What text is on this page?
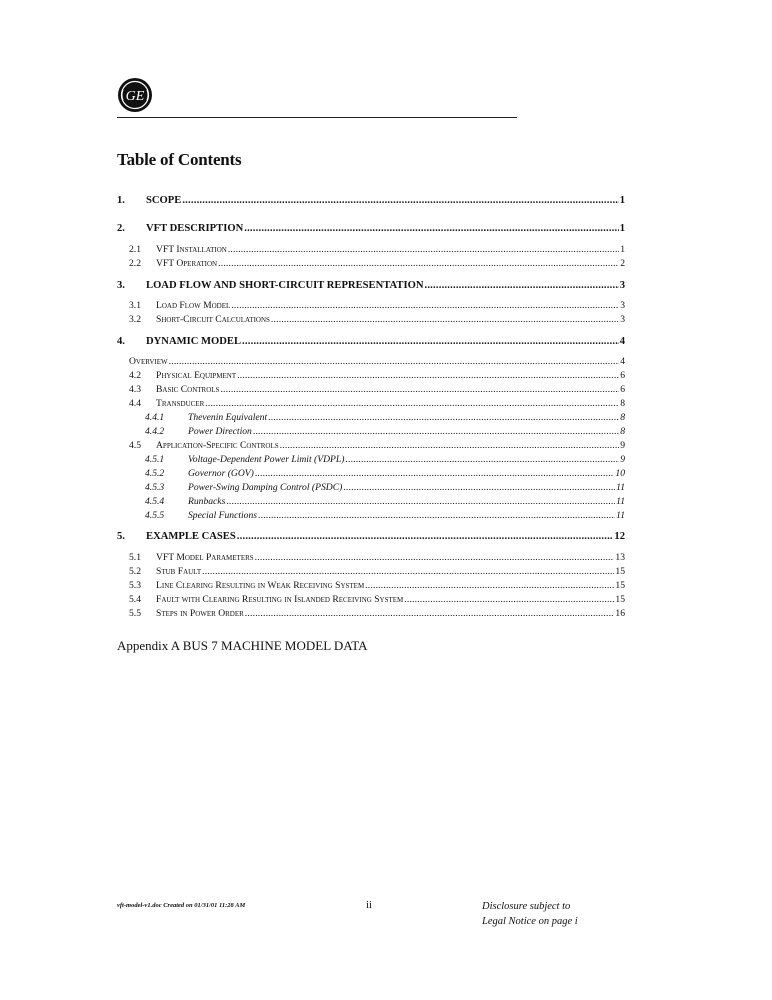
GE
Table of Contents
1.	SCOPE .....	1
2.	VFT DESCRIPTION .....	1
2.1	VFT Installation .....	1
2.2	VFT Operation .....	2
3.	LOAD FLOW AND SHORT-CIRCUIT REPRESENTATION .....	3
3.1	Load Flow Model .....	3
3.2	Short-Circuit Calculations .....	3
4.	DYNAMIC MODEL .....	4
Overview .....	4
4.2	Physical Equipment .....	6
4.3	Basic Controls .....	6
4.4	Transducer .....	8
4.4.1	Thevenin Equivalent .....	8
4.4.2	Power Direction .....	8
4.5	Application-Specific Controls .....	9
4.5.1	Voltage-Dependent Power Limit (VDPL) .....	9
4.5.2	Governor (GOV) .....	10
4.5.3	Power-Swing Damping Control (PSDC) .....	11
4.5.4	Runbacks .....	11
4.5.5	Special Functions .....	11
5.	EXAMPLE CASES .....	12
5.1	VFT Model Parameters .....	13
5.2	Stub Fault .....	15
5.3	Line Clearing Resulting in Weak Receiving System .....	15
5.4	Fault with Clearing Resulting in Islanded Receiving System .....	15
5.5	Steps in Power Order .....	16
Appendix A BUS 7 MACHINE MODEL DATA
vft-model-v1.doc Created on 01/31/01 11:28 AM	ii	Disclosure subject to
Legal Notice on page i
